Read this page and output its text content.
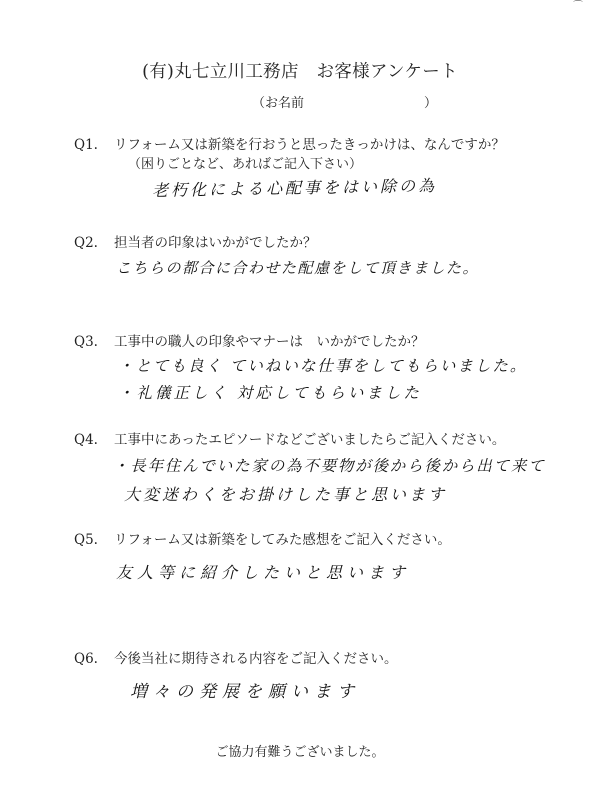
⌒
(有)丸七立川工務店　お客様アンケート
（お名前	）
Q1. リフォーム又は新築を行おうと思ったきっかけは、なんですか？
（困りごとなど、あればご記入下さい）
老朽化による心配事をはい除の為
Q2. 担当者の印象はいかがでしたか？
こちらの都合に合わせた配慮をして頂きました。
Q3. 工事中の職人の印象やマナーは　いかがでしたか？
・とても良く ていねいな仕事をしてもらいました。
・礼儀正しく 対応してもらいました
Q4. 工事中にあったエピソードなどございましたらご記入ください。
・長年住んでいた家の為不要物が後から後から出て来て
大変迷わくをお掛けした事と思います
Q5. リフォーム又は新築をしてみた感想をご記入ください。
友人等に紹介したいと思います
Q6. 今後当社に期待される内容をご記入ください。
増々の発展を願います
ご協力有難うございました。
